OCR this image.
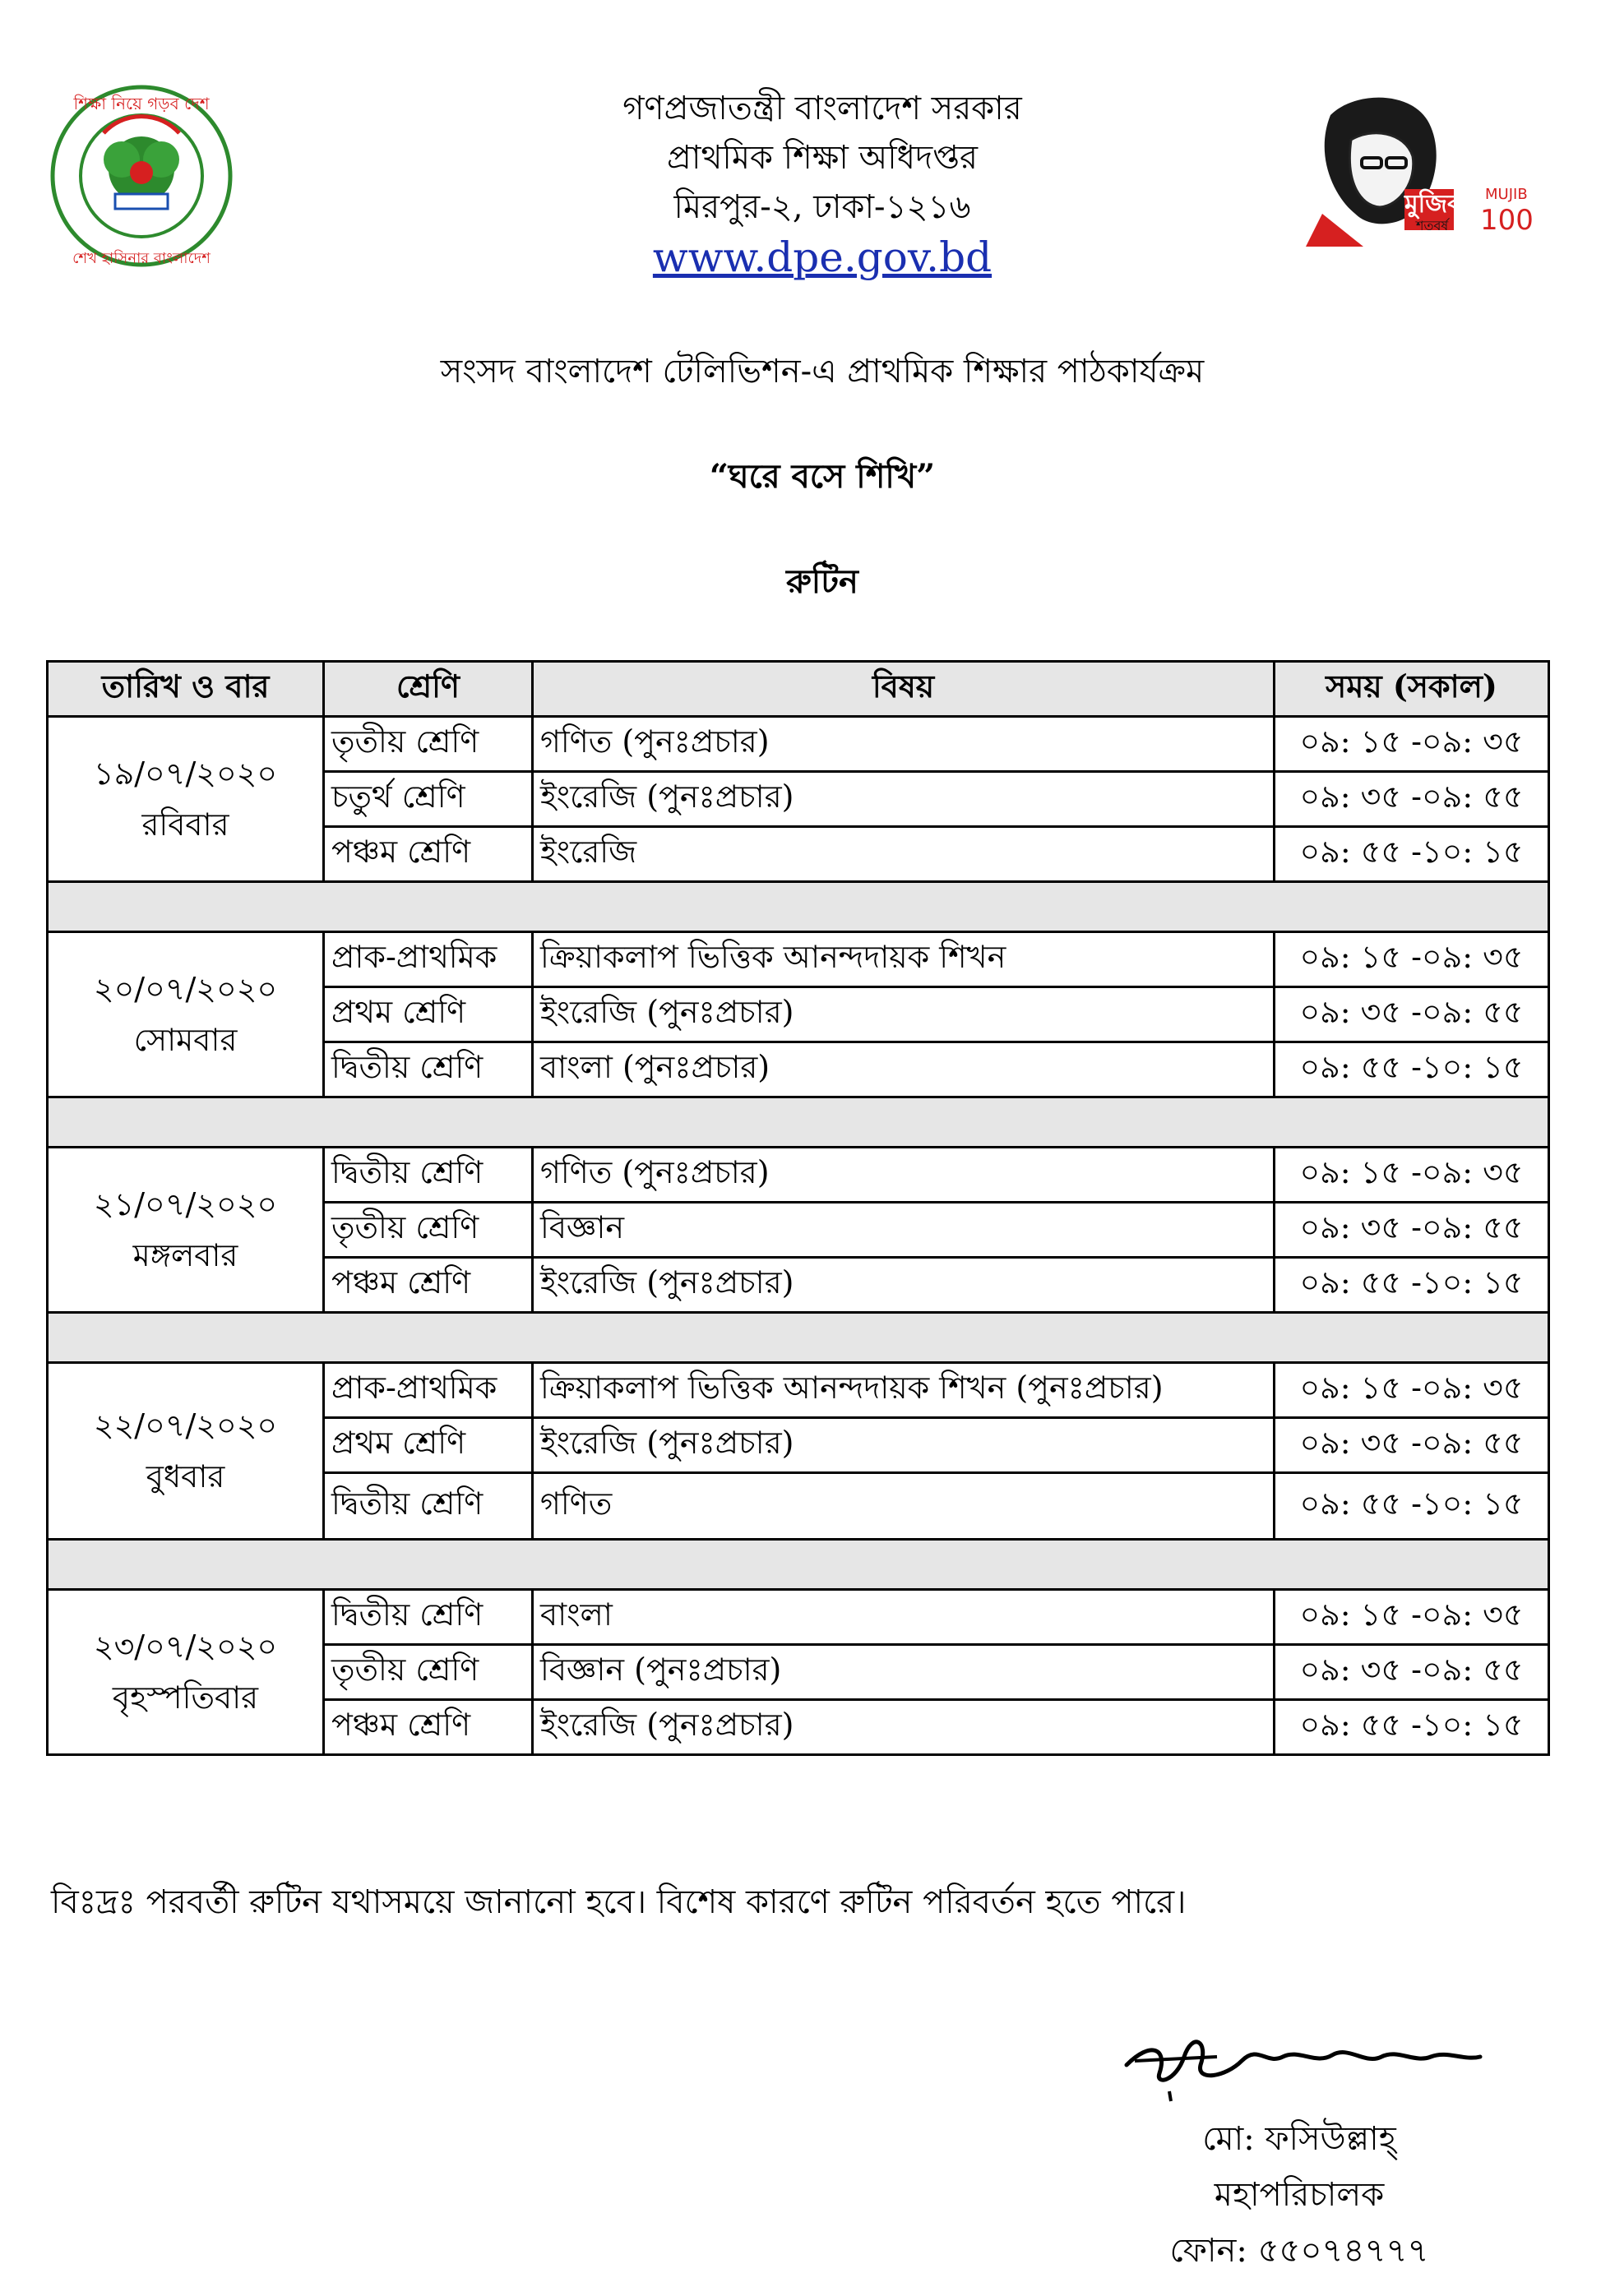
শিক্ষা নিয়ে গড়ব দেশ
শেখ হাসিনার বাংলাদেশ
মুজিব
শতবর্ষ
MUJIB
100
গণপ্রজাতন্ত্রী বাংলাদেশ সরকার
প্রাথমিক শিক্ষা অধিদপ্তর
মিরপুর-২, ঢাকা-১২১৬
www.dpe.gov.bd
সংসদ বাংলাদেশ টেলিভিশন-এ প্রাথমিক শিক্ষার পাঠকার্যক্রম
“ঘরে বসে শিখি”
রুটিন
তারিখ ও বার	শ্রেণি	বিষয়	সময় (সকাল)

১৯/০৭/২০২০
রবিবার	তৃতীয় শ্রেণি	গণিত (পুনঃপ্রচার)	০৯: ১৫ -০৯: ৩৫
	চতুর্থ শ্রেণি	ইংরেজি (পুনঃপ্রচার)	০৯: ৩৫ -০৯: ৫৫
	পঞ্চম শ্রেণি	ইংরেজি	০৯: ৫৫ -১০: ১৫

২০/০৭/২০২০
সোমবার	প্রাক-প্রাথমিক	ক্রিয়াকলাপ ভিত্তিক আনন্দদায়ক শিখন	০৯: ১৫ -০৯: ৩৫
	প্রথম শ্রেণি	ইংরেজি (পুনঃপ্রচার)	০৯: ৩৫ -০৯: ৫৫
	দ্বিতীয় শ্রেণি	বাংলা (পুনঃপ্রচার)	০৯: ৫৫ -১০: ১৫

২১/০৭/২০২০
মঙ্গলবার	দ্বিতীয় শ্রেণি	গণিত (পুনঃপ্রচার)	০৯: ১৫ -০৯: ৩৫
	তৃতীয় শ্রেণি	বিজ্ঞান	০৯: ৩৫ -০৯: ৫৫
	পঞ্চম শ্রেণি	ইংরেজি (পুনঃপ্রচার)	০৯: ৫৫ -১০: ১৫

২২/০৭/২০২০
বুধবার	প্রাক-প্রাথমিক	ক্রিয়াকলাপ ভিত্তিক আনন্দদায়ক শিখন (পুনঃপ্রচার)	০৯: ১৫ -০৯: ৩৫
	প্রথম শ্রেণি	ইংরেজি (পুনঃপ্রচার)	০৯: ৩৫ -০৯: ৫৫
	দ্বিতীয় শ্রেণি	গণিত	০৯: ৫৫ -১০: ১৫

২৩/০৭/২০২০
বৃহস্পতিবার	দ্বিতীয় শ্রেণি	বাংলা	০৯: ১৫ -০৯: ৩৫
	তৃতীয় শ্রেণি	বিজ্ঞান (পুনঃপ্রচার)	০৯: ৩৫ -০৯: ৫৫
	পঞ্চম শ্রেণি	ইংরেজি (পুনঃপ্রচার)	০৯: ৫৫ -১০: ১৫
বিঃদ্রঃ পরবর্তী রুটিন যথাসময়ে জানানো হবে। বিশেষ কারণে রুটিন পরিবর্তন হতে পারে।
মো: ফসিউল্লাহ্
মহাপরিচালক
ফোন: ৫৫০৭৪৭৭৭
